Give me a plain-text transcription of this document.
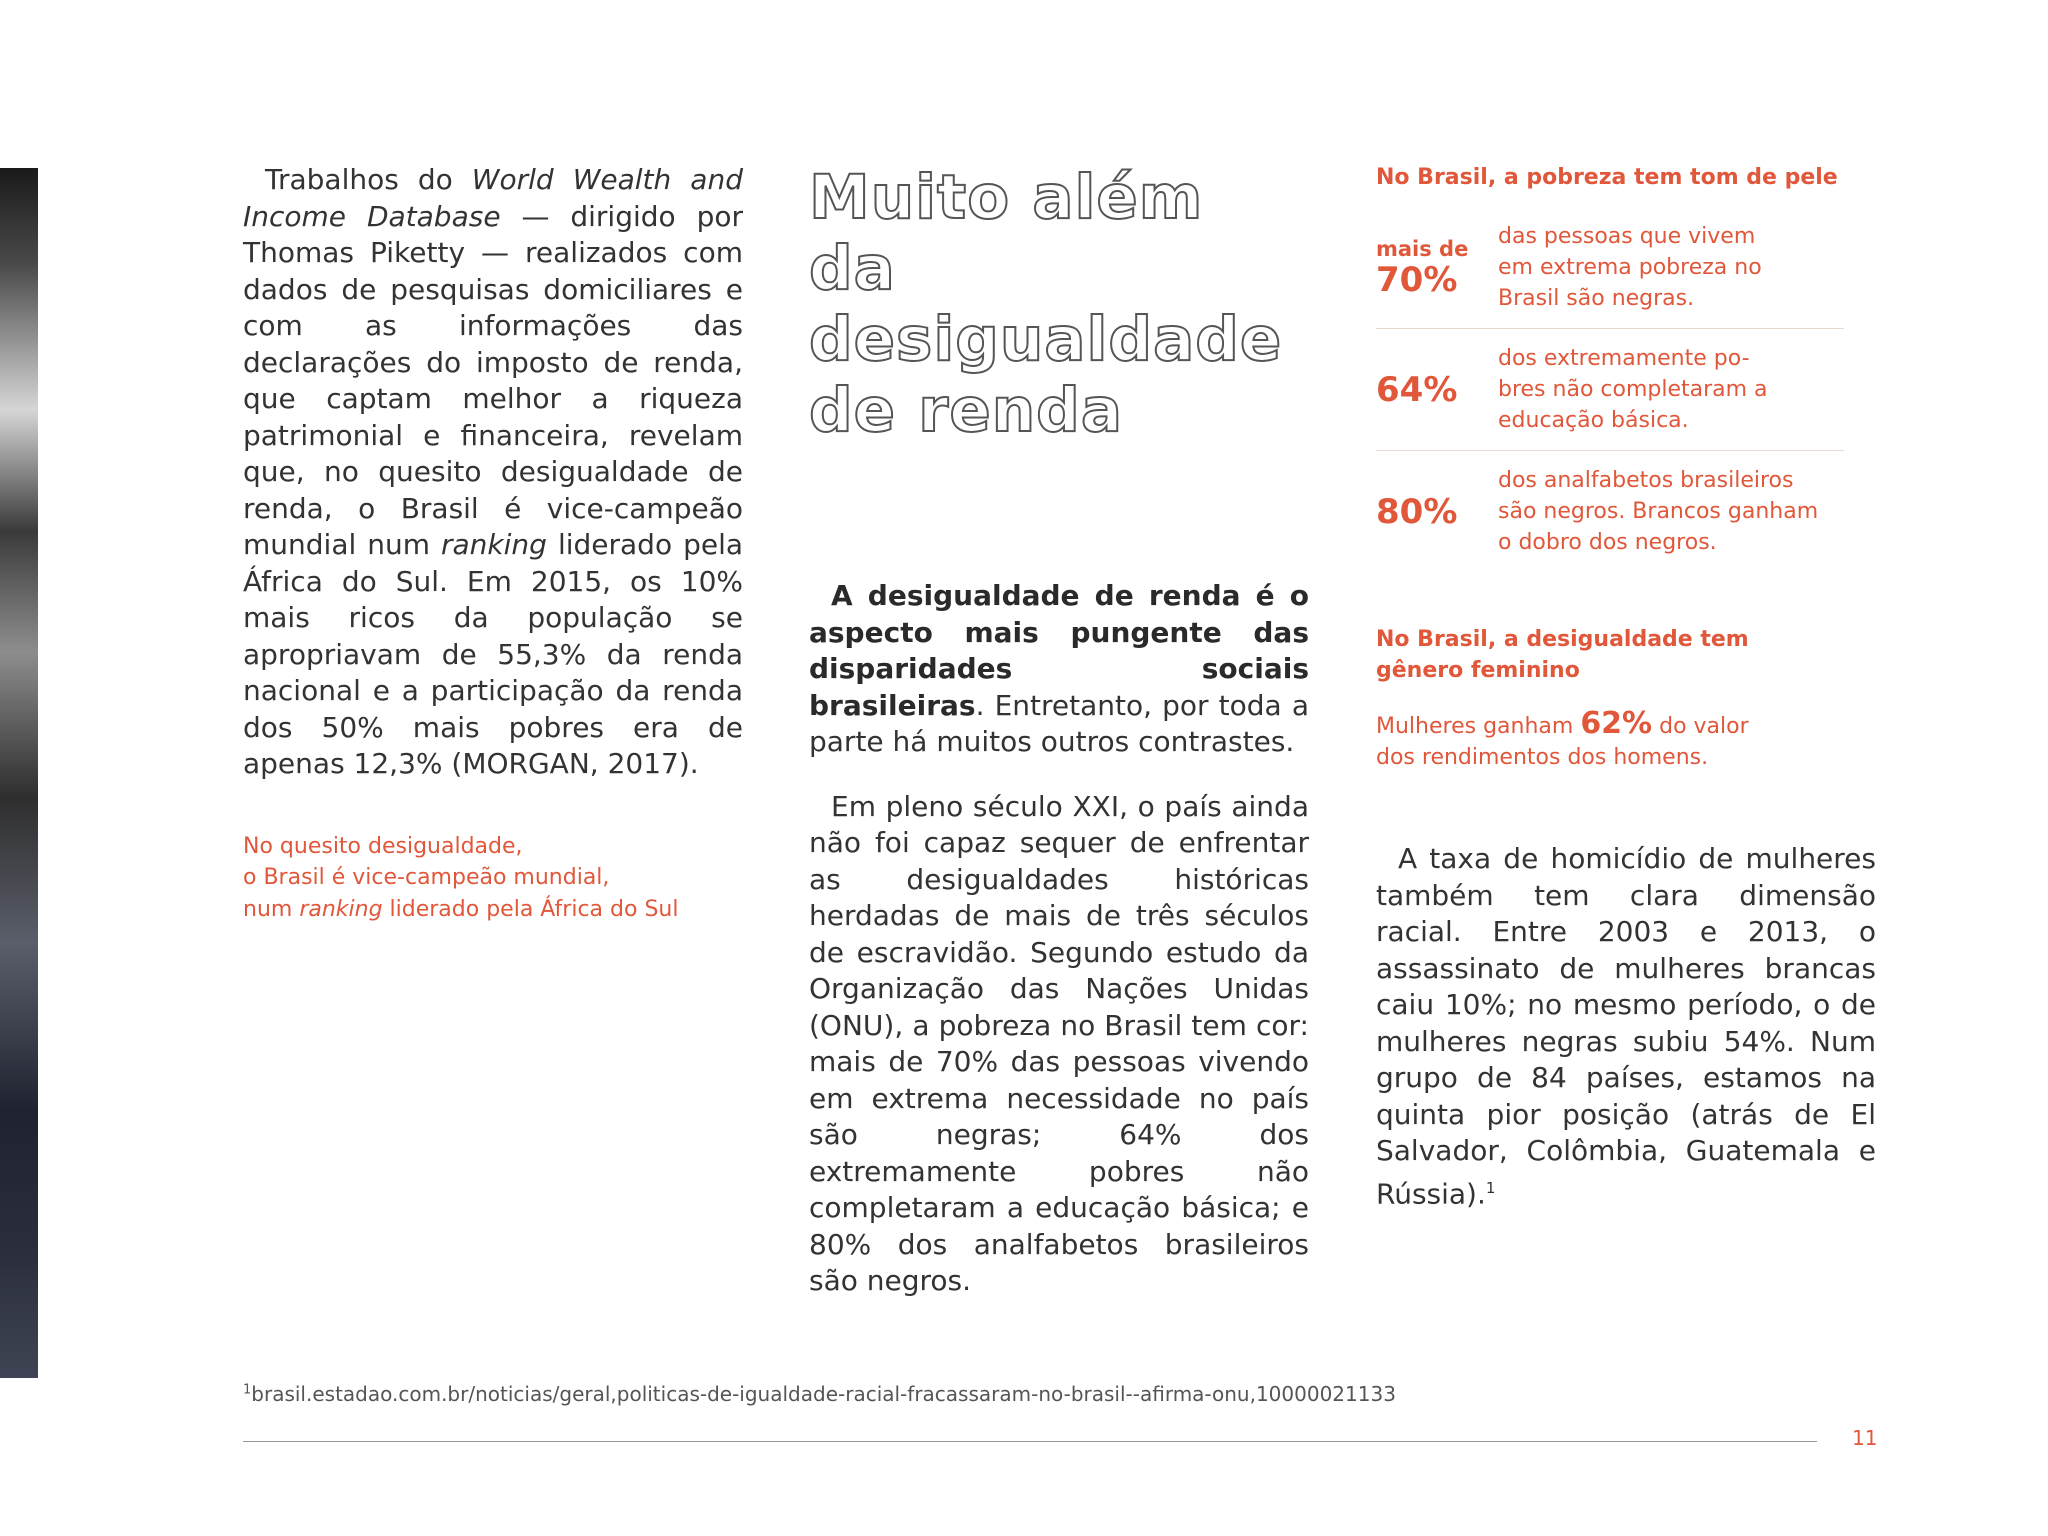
Trabalhos do World Wealth and Income Database — dirigido por Thomas Piketty — realizados com dados de pesquisas domiciliares e com as informações das declarações do imposto de renda, que captam melhor a riqueza patrimonial e financeira, revelam que, no quesito desigualdade de renda, o Brasil é vice-campeão mundial num ranking liderado pela África do Sul. Em 2015, os 10% mais ricos da população se apropriavam de 55,3% da renda nacional e a participação da renda dos 50% mais pobres era de apenas 12,3% (MORGAN, 2017).

No quesito desigualdade,
o Brasil é vice-campeão mundial,
num ranking liderado pela África do Sul
Muito além da
desigualdade
de renda

A desigualdade de renda é o aspecto mais pungente das disparidades sociais brasileiras. Entretanto, por toda a parte há muitos outros contrastes.

Em pleno século XXI, o país ainda não foi capaz sequer de enfrentar as desigualdades históricas herdadas de mais de três séculos de escravidão. Segundo estudo da Organização das Nações Unidas (ONU), a pobreza no Brasil tem cor: mais de 70% das pessoas vivendo em extrema necessidade no país são negras; 64% dos extremamente pobres não completaram a educação básica; e 80% dos analfabetos brasileiros são negros.

No Brasil, a pobreza tem tom de pele

mais de
70%
das pessoas que vivem
em extrema pobreza no
Brasil são negras.
64%
dos extremamente po-
bres não completaram a
educação básica.
80%
dos analfabetos brasileiros
são negros. Brancos ganham
o dobro dos negros.
No Brasil, a desigualdade tem
gênero feminino
Mulheres ganham 62% do valor
dos rendimentos dos homens.

A taxa de homicídio de mulheres também tem clara dimensão racial. Entre 2003 e 2013, o assassinato de mulheres brancas caiu 10%; no mesmo período, o de mulheres negras subiu 54%. Num grupo de 84 países, estamos na quinta pior posição (atrás de El Salvador, Colômbia, Guatemala e Rússia).$^1$

$^1$brasil.estadao.com.br/noticias/geral,politicas-de-igualdade-racial-fracassaram-no-brasil--afirma-onu,10000021133
11
